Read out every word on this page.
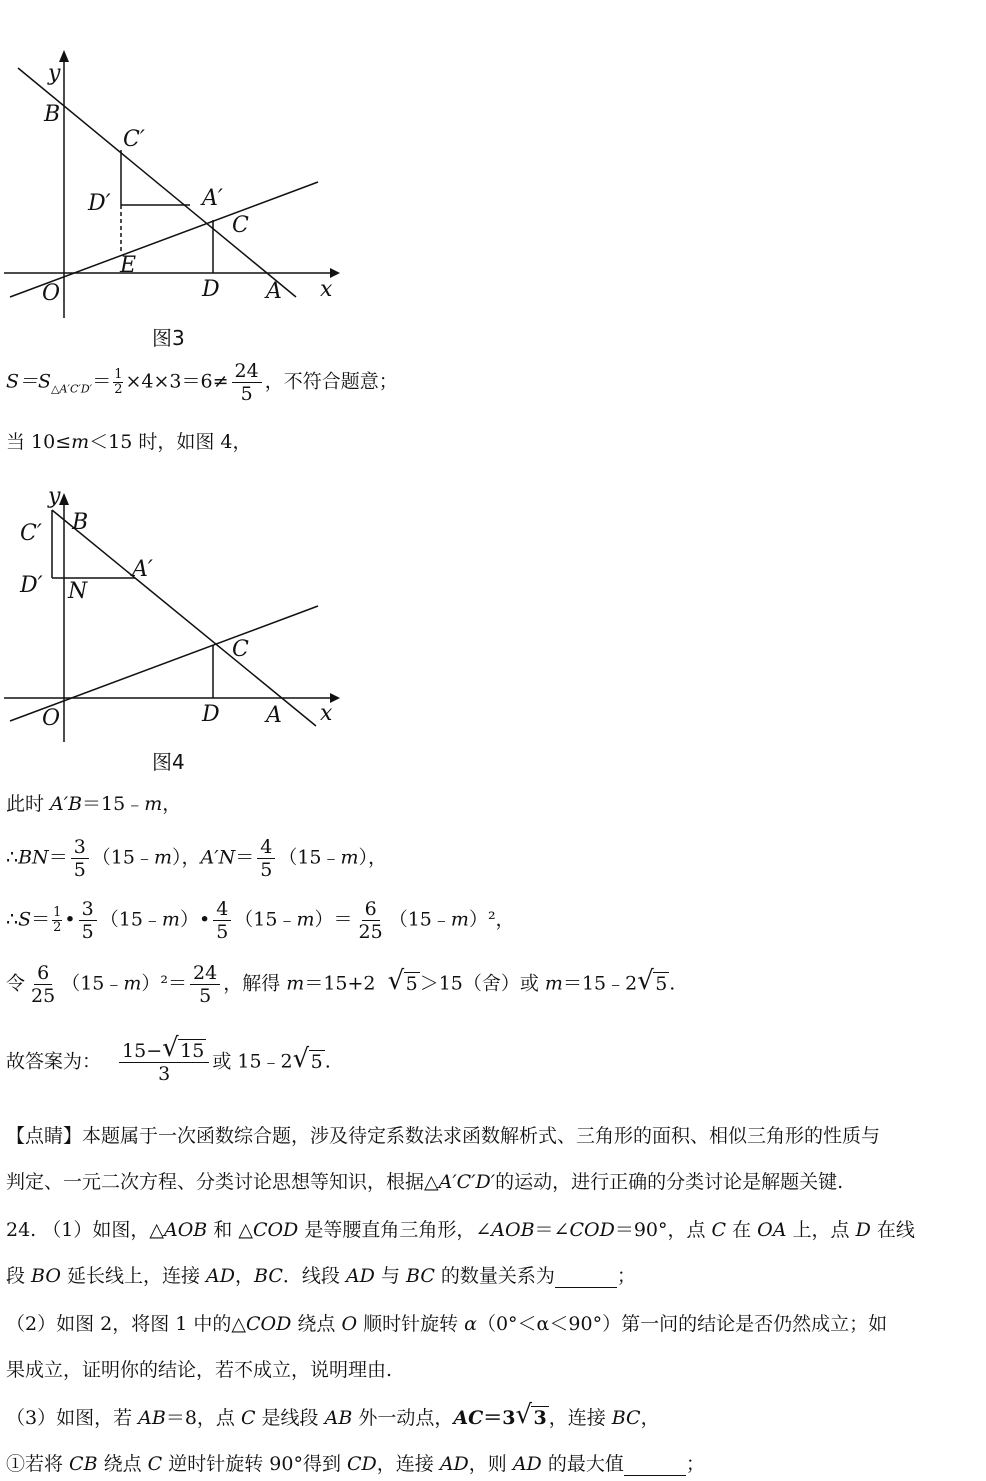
y
x
B
C′
D′	A′
C
E
O	D A
图3
$S=S_{\triangle A'C'D'}= \frac{1}{2} \times 4\times 3=6\ne \frac{24}{5}$ ，不符合题意；
当 10≤m＜15 时，如图 4，
y
x
C′ B
D′ N
A′
C
O	D A
图4
此时 A′B＝15﹣m，
∴BN＝ $\frac{3}{5}$ （15﹣m），$A'N= \frac{4}{5}$ （15﹣m），
∴S＝ $\frac{1}{2}$ • $\frac{3}{5}$ （15﹣m）• $\frac{4}{5}$ （15﹣m）＝ $\frac{6}{25}$ （15﹣m）²，
令 $\frac{6}{25}$ （15﹣m）²＝ $\frac{24}{5}$ ，解得 m＝15+2 √ 5 ＞15（舍）或 m＝15﹣2 √ 5 .
故答案为： $\frac{15- √ 15}{3}$ 或 15﹣2 √ 5 .
【点睛】本题属于一次函数综合题，涉及待定系数法求函数解析式、三角形的面积、相似三角形的性质与
判定、一元二次方程、分类讨论思想等知识，根据△A′C′D′的运动，进行正确的分类讨论是解题关键.
24. （1）如图，△AOB 和 △COD 是等腰直角三角形，∠AOB＝∠COD＝90°，点 C 在 OA 上，点 D 在线
段 BO 延长线上，连接 AD，BC．线段 AD 与 BC 的数量关系为	；
（2）如图 2，将图 1 中的△COD 绕点 O 顺时针旋转 α（0°＜α＜90°）第一问的结论是否仍然成立；如
果成立，证明你的结论，若不成立，说明理由.
（3）如图，若 AB＝8，点 C 是线段 AB 外一动点，AC＝3 √ 3 ，连接 BC，
①若将 CB 绕点 C 逆时针旋转 90°得到 CD，连接 AD，则 AD 的最大值	；
